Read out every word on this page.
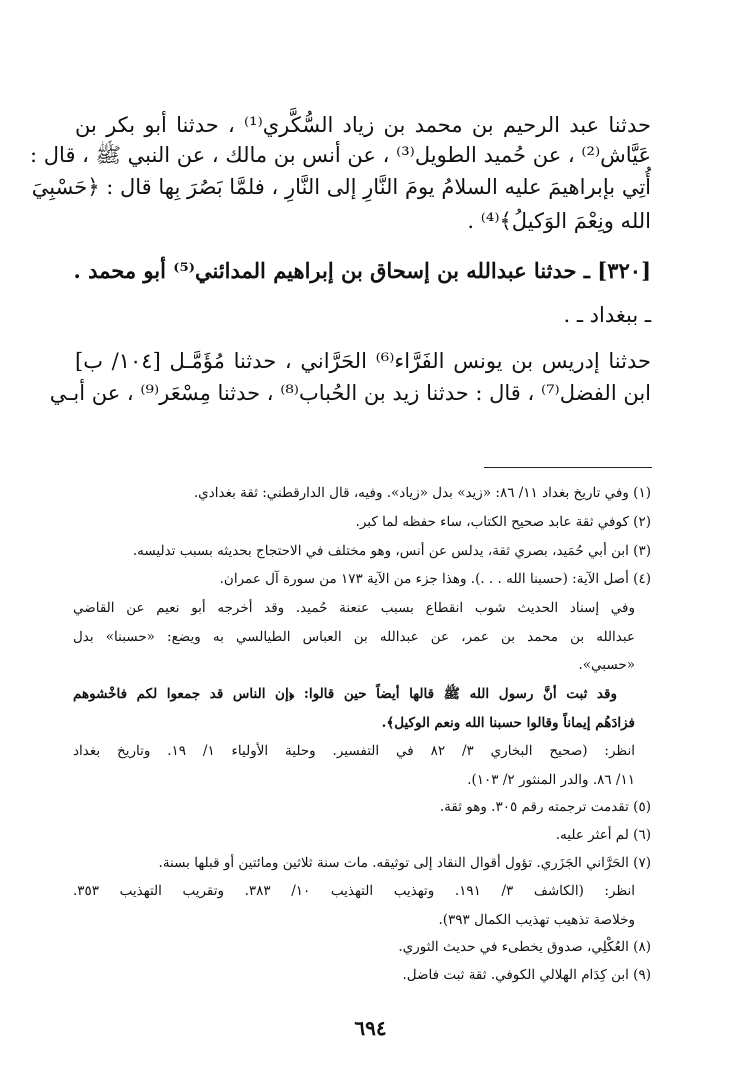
حدثنا عبد الرحيم بن محمد بن زياد السُّكَّري⁽¹⁾ ، حدثنا أبو بكر بن
عَيَّاش⁽²⁾ ، عن حُميد الطويل⁽³⁾ ، عن أنس بن مالك ، عن النبي ﷺ ، قال :
أُتِي بإبراهيمَ عليه السلامُ يومَ النَّارِ إلى النَّارِ ، فلمَّا بَصُرَ بِها قال : ﴿حَسْبِيَ
الله ونِعْمَ الوَكيلُ﴾⁽⁴⁾ .
[٣٢٠] ـ حدثنا عبدالله بن إسحاق بن إبراهيم المدائني⁽⁵⁾ أبو محمد .
ـ ببغداد ـ .
حدثنا إدريس بن يونس الفَرَّاء⁽⁶⁾ الحَرَّاني ، حدثنا مُؤَمَّـل [١٠٤/ ب]
ابن الفضل⁽⁷⁾ ، قال : حدثنا زيد بن الحُباب⁽⁸⁾ ، حدثنا مِسْعَر⁽⁹⁾ ، عن أبـي
(١) وفي تاريخ بغداد ١١/ ٨٦: «زيد» بدل «زياد». وفيه، قال الدارقطني: ثقة بغدادي.
(٢) كوفي ثقة عابد صحيح الكتاب، ساء حفظه لما كبر.
(٣) ابن أبي حُمَيد، بصري ثقة، يدلس عن أنس، وهو مختلف في الاحتجاج بحديثه بسبب تدليسه.
(٤) أصل الآية: (حسبنا الله . . .). وهذا جزء من الآية ١٧٣ من سورة آل عمران.
وفي إسناد الحديث شوب انقطاع بسبب عنعنة حُميد. وقد أخرجه أبو نعيم عن القاضي
عبدالله بن محمد بن عمر، عن عبدالله بن العباس الطيالسي به ويضع: «حسبنا» بدل
«حسبي».
وقد ثبت أنَّ رسول الله ﷺ قالها أيضاً حين قالوا: ﴿إن الناس قد جمعوا لكم فاخْشوهم
فزادَهُم إيماناً وقالوا حسبنا الله ونعم الوكيل﴾.
انظر: (صحيح البخاري ٣/ ٨٢ في التفسير. وحلية الأولياء ١/ ١٩. وتاريخ بغداد
١١/ ٨٦. والدر المنثور ٢/ ١٠٣).
(٥) تقدمت ترجمته رقم ٣٠٥. وهو ثقة.
(٦) لم أعثر عليه.
(٧) الحَرَّاني الجَزَري. تؤول أقوال النقاد إلى توثيقه. مات سنة ثلاثين ومائتين أو قبلها بسنة.
انظر: (الكاشف ٣/ ١٩١. وتهذيب التهذيب ١٠/ ٣٨٣. وتقريب التهذيب ٣٥٣.
وخلاصة تذهيب تهذيب الكمال ٣٩٣).
(٨) العُكْلِي، صدوق يخطىء في حديث الثوري.
(٩) ابن كِدَام الهلالي الكوفي. ثقة ثبت فاضل.
٦٩٤
